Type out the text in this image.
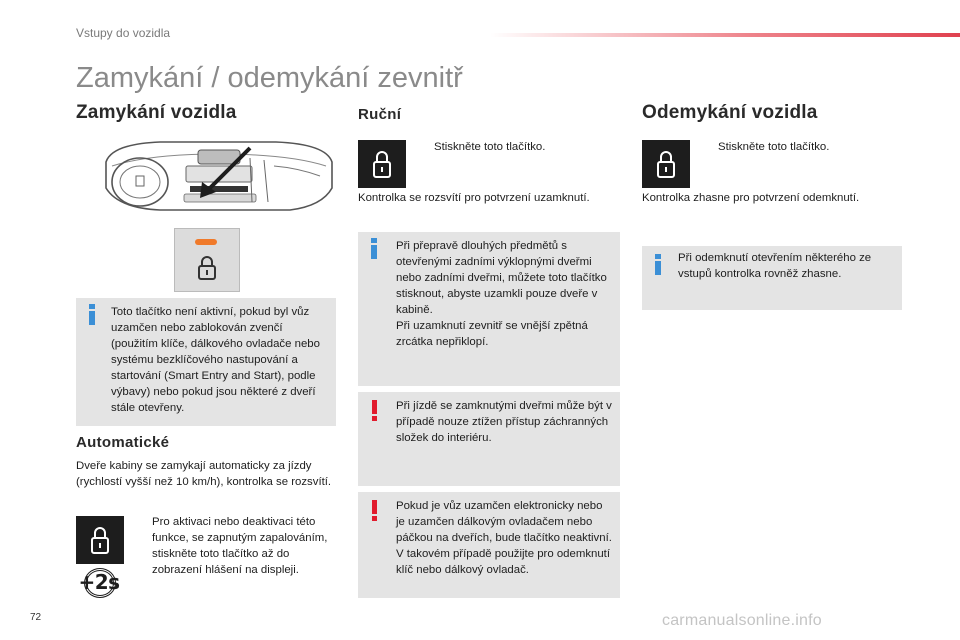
Vstupy do vozidla
Zamykání / odemykání zevnitř
Zamykání vozidla
Toto tlačítko není aktivní, pokud byl vůz uzamčen nebo zablokován zvenčí (použitím klíče, dálkového ovladače nebo systému bezklíčového nastupování a startování (Smart Entry and Start), podle výbavy) nebo pokud jsou některé z dveří stále otevřeny.
Automatické
Dveře kabiny se zamykají automaticky za jízdy (rychlostí vyšší než 10 km/h), kontrolka se rozsvítí.
+2s
Pro aktivaci nebo deaktivaci této funkce, se zapnutým zapalováním, stiskněte toto tlačítko až do zobrazení hlášení na displeji.
Ruční
Stiskněte toto tlačítko.
Kontrolka se rozsvítí pro potvrzení uzamknutí.
Při přepravě dlouhých předmětů s otevřenými zadními výklopnými dveřmi nebo zadními dveřmi, můžete toto tlačítko stisknout, abyste uzamkli pouze dveře v kabině.
Při uzamknutí zevnitř se vnější zpětná zrcátka nepřiklopí.
Při jízdě se zamknutými dveřmi může být v případě nouze ztížen přístup záchranných složek do interiéru.
Pokud je vůz uzamčen elektronicky nebo je uzamčen dálkovým ovladačem nebo páčkou na dveřích, bude tlačítko neaktivní. V takovém případě použijte pro odemknutí klíč nebo dálkový ovladač.
Odemykání vozidla
Stiskněte toto tlačítko.
Kontrolka zhasne pro potvrzení odemknutí.
Při odemknutí otevřením některého ze vstupů kontrolka rovněž zhasne.
72	carmanualsonline.info
